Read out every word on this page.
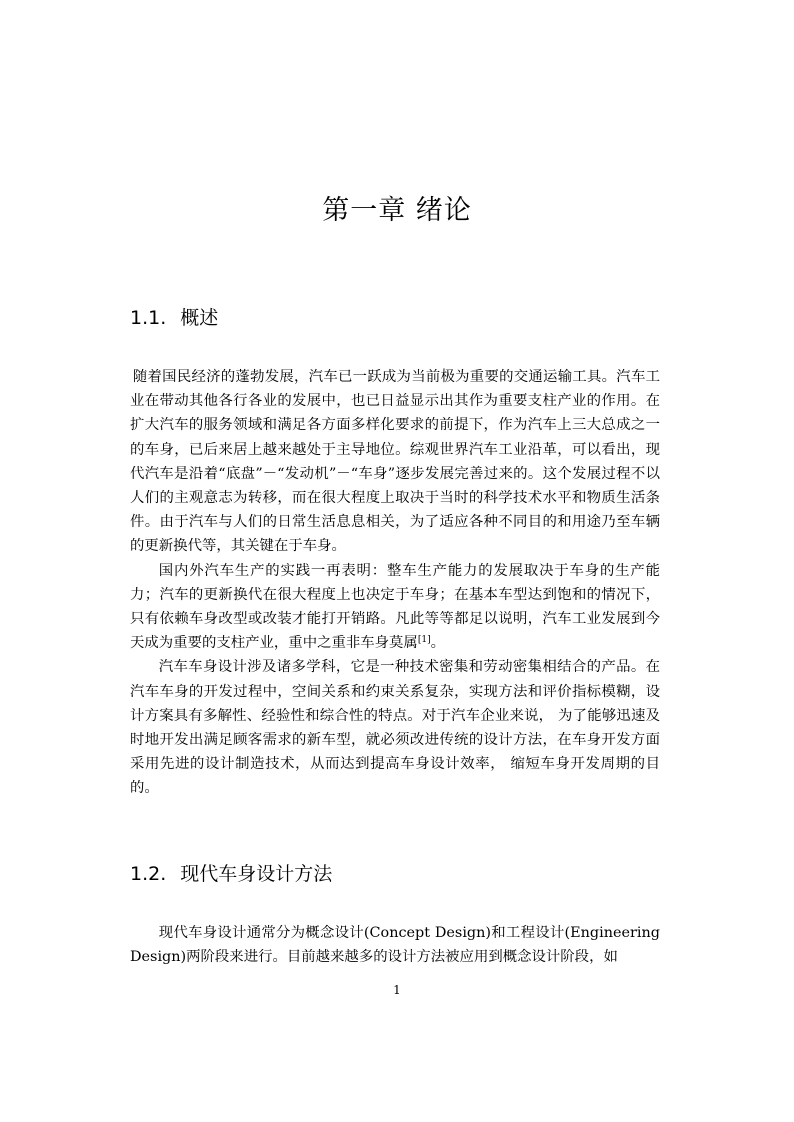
第一章 绪论
1.1. 概述

随着国民经济的蓬勃发展，汽车已一跃成为当前极为重要的交通运输工具。汽车工业在带动其他各行各业的发展中，也已日益显示出其作为重要支柱产业的作用。在扩大汽车的服务领域和满足各方面多样化要求的前提下，作为汽车上三大总成之一的车身，已后来居上越来越处于主导地位。综观世界汽车工业沿革，可以看出，现代汽车是沿着“底盘”－“发动机”－“车身”逐步发展完善过来的。这个发展过程不以人们的主观意志为转移，而在很大程度上取决于当时的科学技术水平和物质生活条件。由于汽车与人们的日常生活息息相关，为了适应各种不同目的和用途乃至车辆的更新换代等，其关键在于车身。

国内外汽车生产的实践一再表明：整车生产能力的发展取决于车身的生产能力；汽车的更新换代在很大程度上也决定于车身；在基本车型达到饱和的情况下，只有依赖车身改型或改装才能打开销路。凡此等等都足以说明，汽车工业发展到今天成为重要的支柱产业，重中之重非车身莫属[1]。

汽车车身设计涉及诸多学科，它是一种技术密集和劳动密集相结合的产品。在汽车车身的开发过程中，空间关系和约束关系复杂，实现方法和评价指标模糊，设计方案具有多解性、经验性和综合性的特点。对于汽车企业来说， 为了能够迅速及时地开发出满足顾客需求的新车型，就必须改进传统的设计方法，在车身开发方面采用先进的设计制造技术，从而达到提高车身设计效率， 缩短车身开发周期的目的。

1.2. 现代车身设计方法

现代车身设计通常分为概念设计(Concept Design)和工程设计(Engineering Design)两阶段来进行。目前越来越多的设计方法被应用到概念设计阶段，如

1
